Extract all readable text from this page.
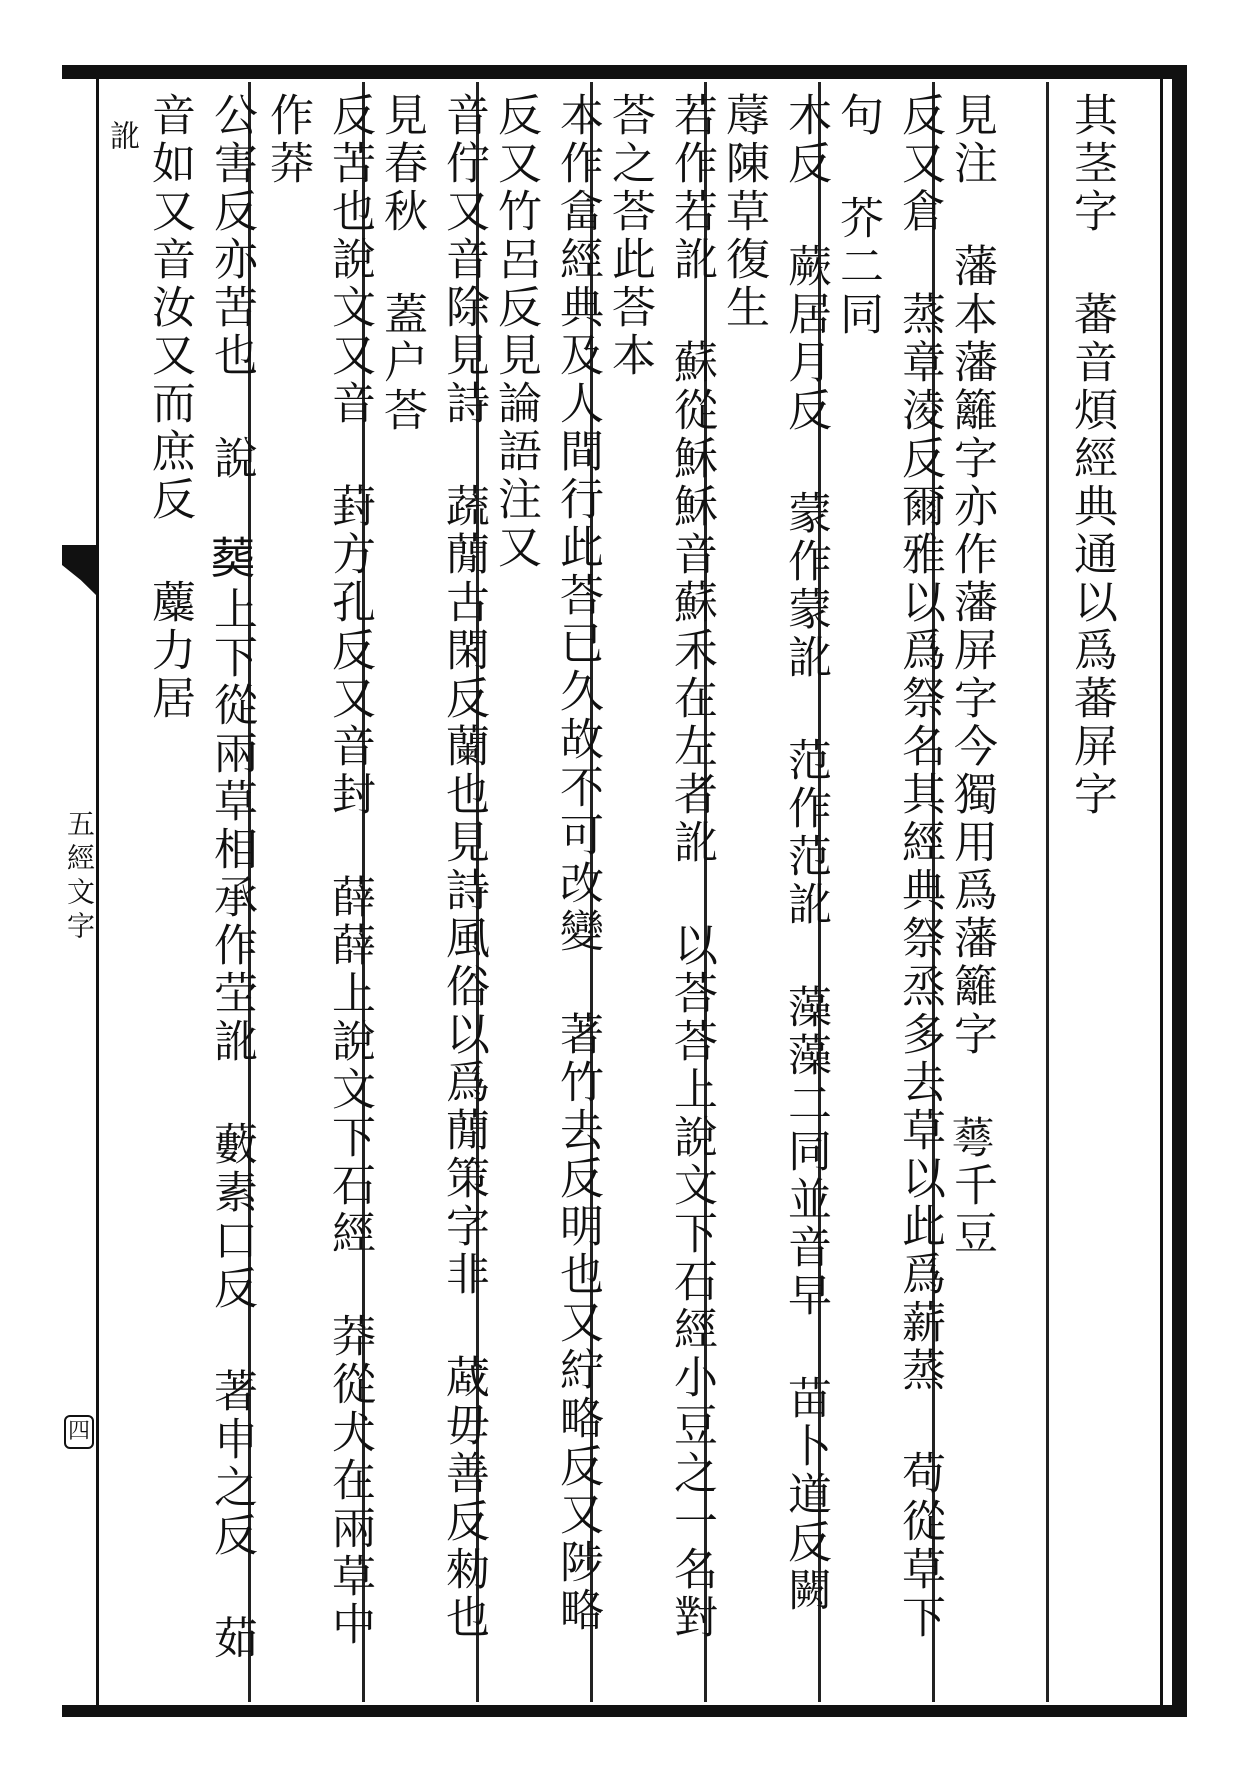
五經文字
四
其茎字 蕃音煩經典通以爲蕃屏字
見注 藩本藩籬字亦作藩屏字今獨用爲藩籬字 𦾓千豆
反又倉 蒸章淩反爾雅以爲祭名其經典祭烝多去草以此爲薪蒸 苟從草下句 芥二同
木反 蕨居月反 蒙作蒙訛 范作范訛 藻藻二同並音早 苗卜道反闕 蓐陳草復生
若作若訛 蘇從穌穌音蘇禾在左者訛 以荅荅上說文下石經小豆之一名對荅之荅此荅本
本作畣經典及人間行此荅已久故不可改變 著竹去反明也又紵略反又陟略反又竹呂反見論語注又
音佇又音除見詩 蔬蕑古閑反蘭也見詩風俗以爲蕑策字非 蒧毋善反勑也見春秋 蓋户荅
反苦也說文又音 葑方孔反又音封 薛薛上說文下石經 莽從犬在兩草中作莽
公害反亦苦也 說 𦵏上下從兩草相承作茔訛 藪素口反 著申之反 茹音如又音汝又而庶反 蘪力居
訛
